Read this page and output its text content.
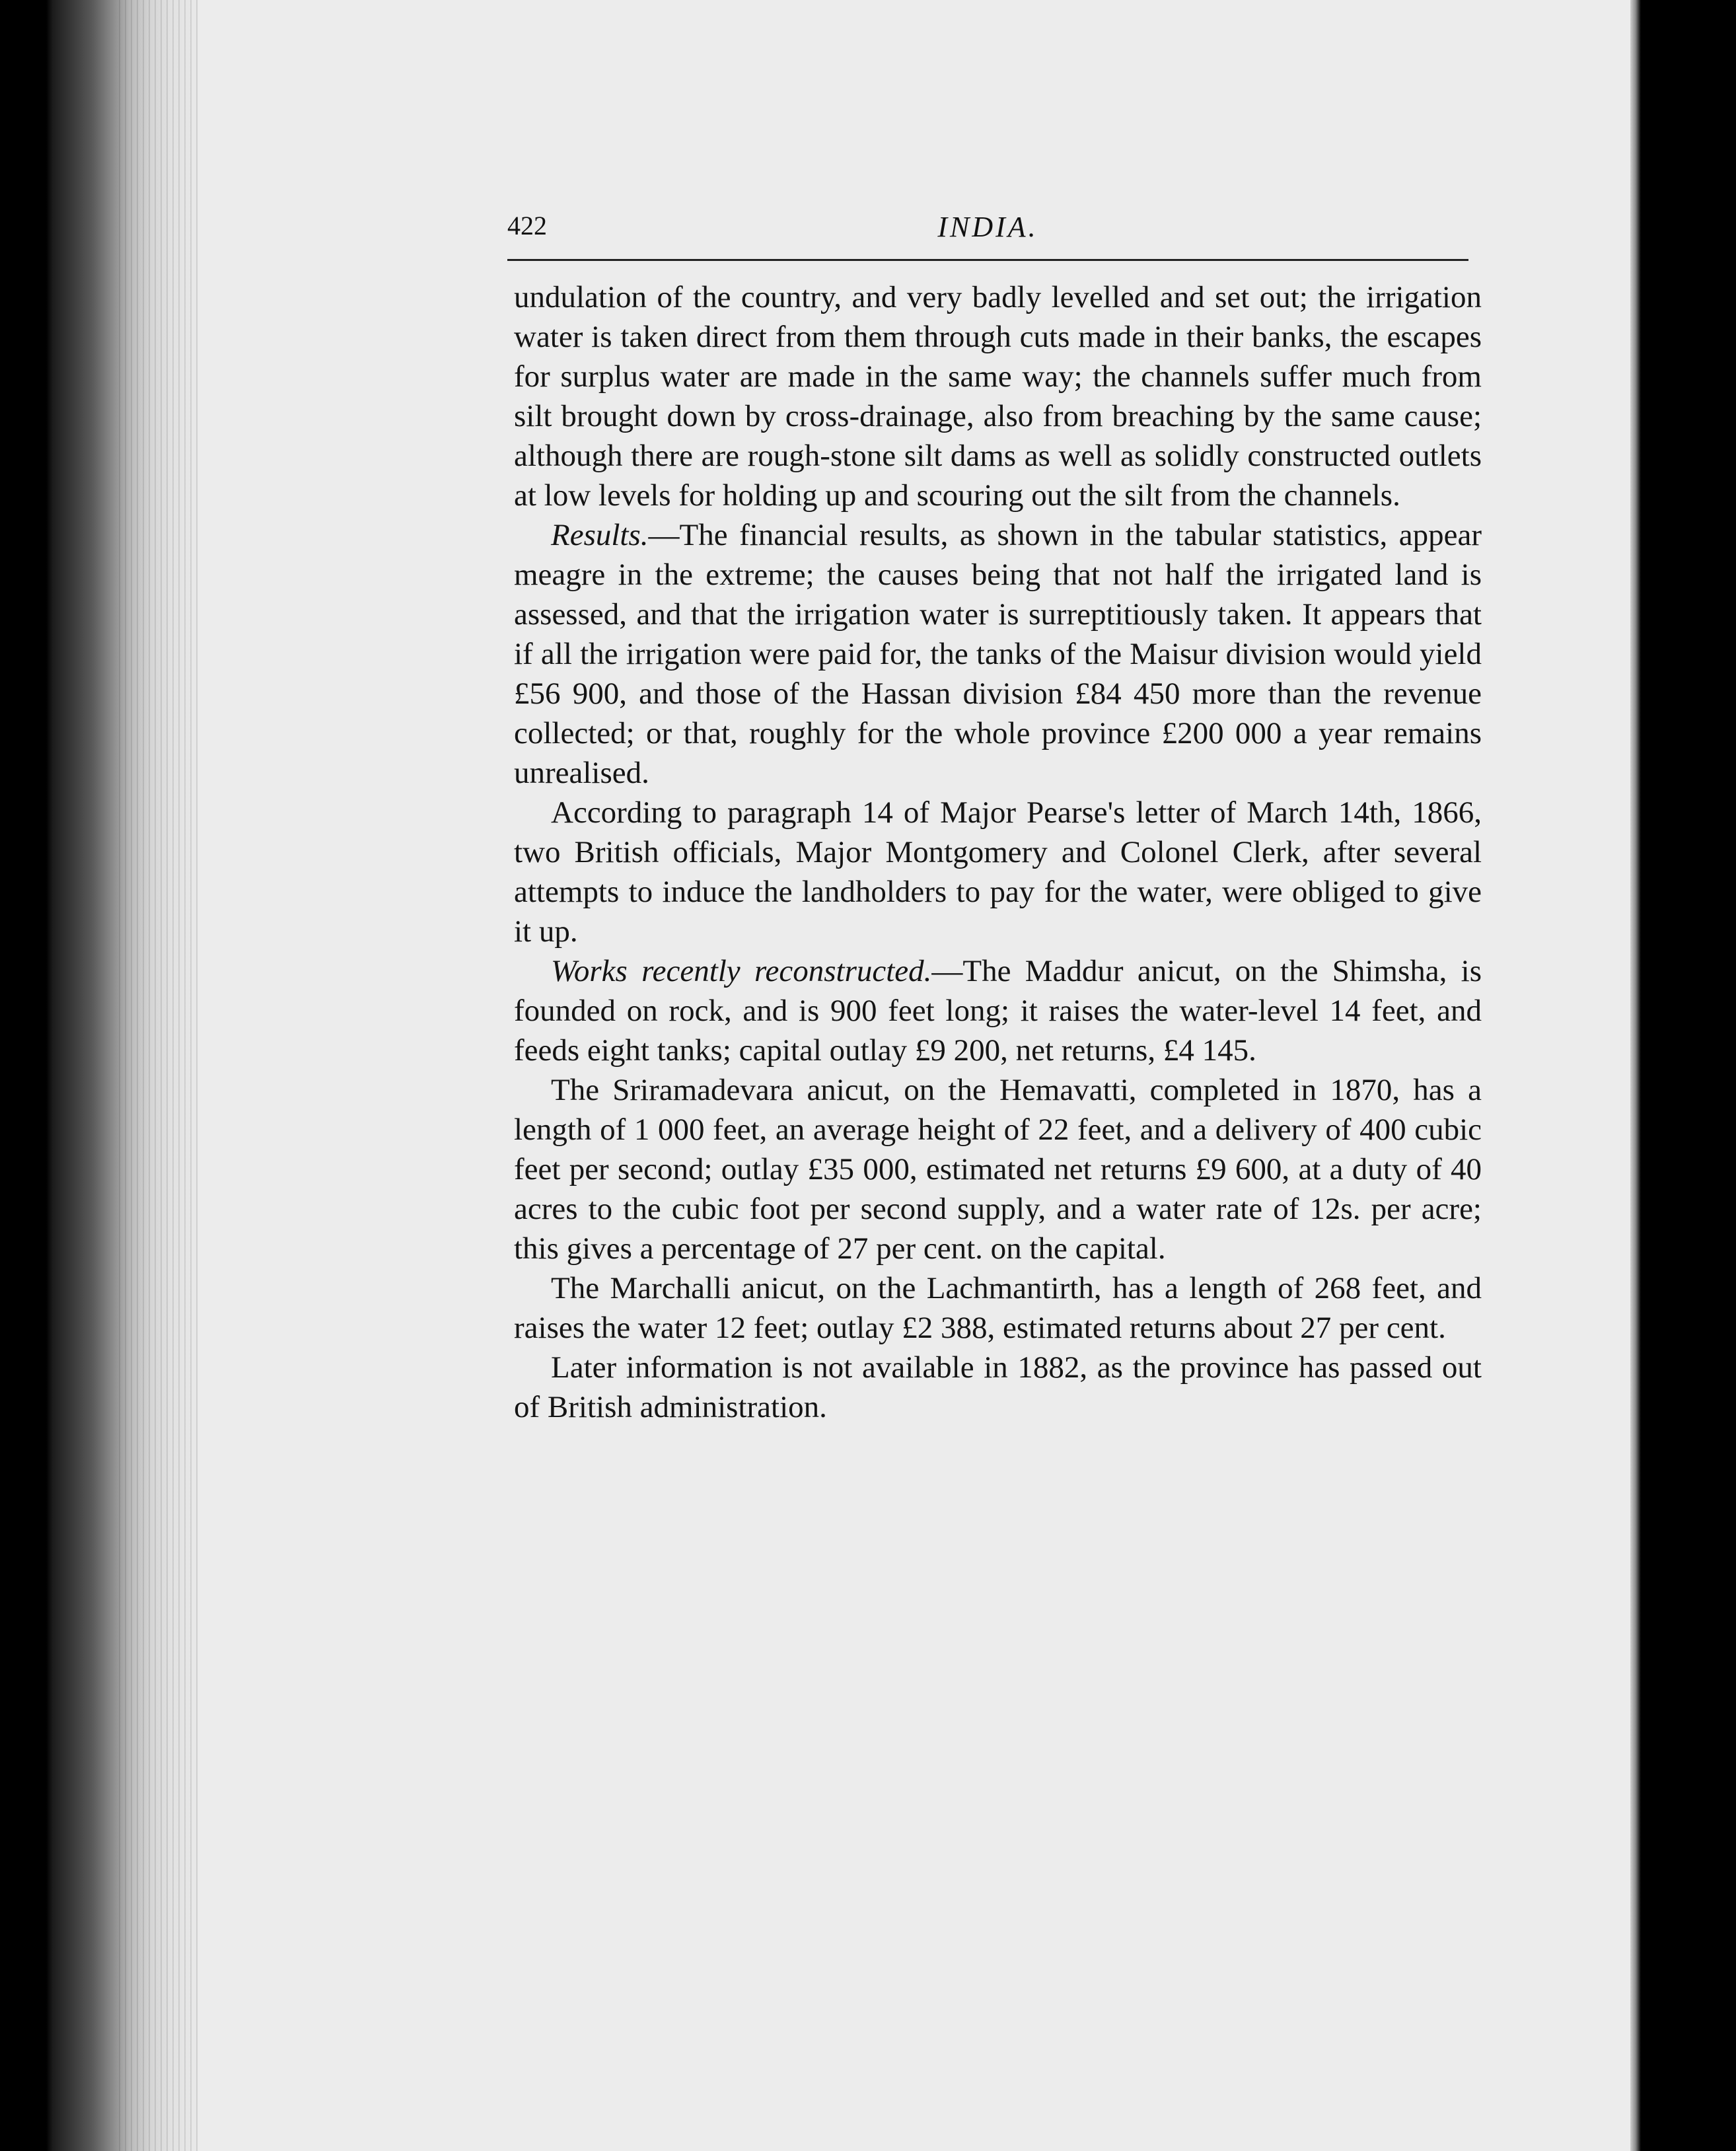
422	INDIA.

undulation of the country, and very badly levelled and set out; the irrigation water is taken direct from them through cuts made in their banks, the escapes for surplus water are made in the same way; the channels suffer much from silt brought down by cross-drainage, also from breaching by the same cause; although there are rough-stone silt dams as well as solidly constructed outlets at low levels for holding up and scouring out the silt from the channels.

Results.—The financial results, as shown in the tabular statistics, appear meagre in the extreme; the causes being that not half the irrigated land is assessed, and that the irrigation water is surreptitiously taken. It appears that if all the irrigation were paid for, the tanks of the Maisur division would yield £56 900, and those of the Hassan division £84 450 more than the revenue collected; or that, roughly for the whole province £200 000 a year remains unrealised.

According to paragraph 14 of Major Pearse's letter of March 14th, 1866, two British officials, Major Montgomery and Colonel Clerk, after several attempts to induce the landholders to pay for the water, were obliged to give it up.

Works recently reconstructed.—The Maddur anicut, on the Shimsha, is founded on rock, and is 900 feet long; it raises the water-level 14 feet, and feeds eight tanks; capital outlay £9 200, net returns, £4 145.

The Sriramadevara anicut, on the Hemavatti, completed in 1870, has a length of 1 000 feet, an average height of 22 feet, and a delivery of 400 cubic feet per second; outlay £35 000, estimated net returns £9 600, at a duty of 40 acres to the cubic foot per second supply, and a water rate of 12s. per acre; this gives a percentage of 27 per cent. on the capital.

The Marchalli anicut, on the Lachmantirth, has a length of 268 feet, and raises the water 12 feet; outlay £2 388, estimated returns about 27 per cent.

Later information is not available in 1882, as the province has passed out of British administration.
